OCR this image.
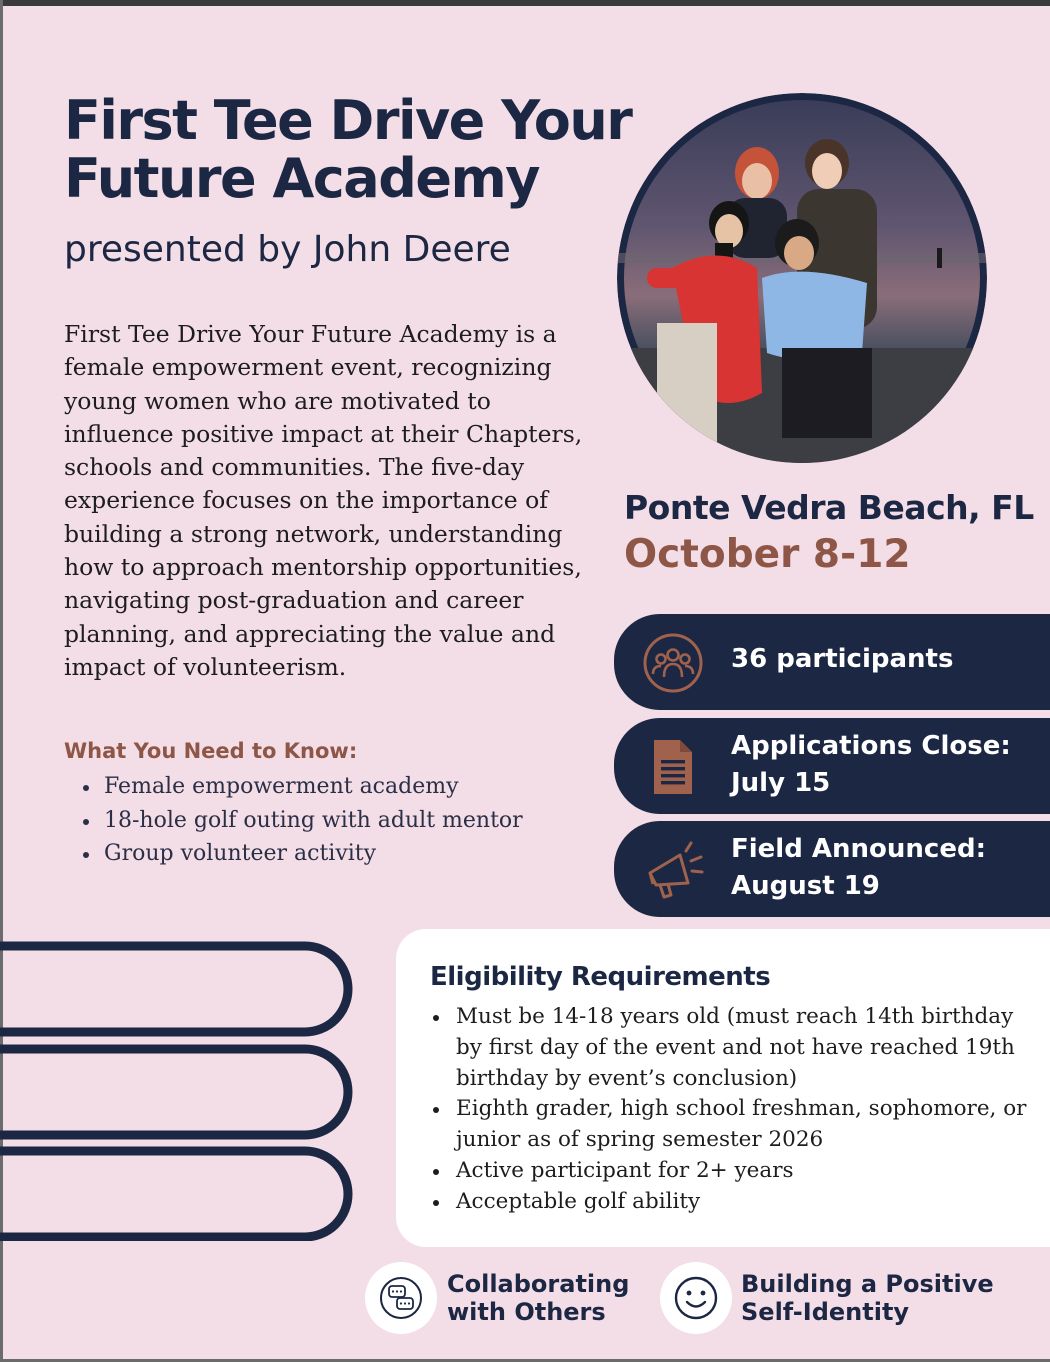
First Tee Drive Your Future Academy
presented by John Deere

First Tee Drive Your Future Academy is a female empowerment event, recognizing young women who are motivated to influence positive impact at their Chapters, schools and communities. The five-day experience focuses on the importance of building a strong network, understanding how to approach mentorship opportunities, navigating post-graduation and career planning, and appreciating the value and impact of volunteerism.

What You Need to Know:
Female empowerment academy
18-hole golf outing with adult mentor
Group volunteer activity
Ponte Vedra Beach, FL
October 8-12
36 participants
Applications Close:
July 15
Field Announced:
August 19
Eligibility Requirements
Must be 14-18 years old (must reach 14th birthday by first day of the event and not have reached 19th birthday by event’s conclusion)
Eighth grader, high school freshman, sophomore, or junior as of spring semester 2026
Active participant for 2+ years
Acceptable golf ability
Collaborating
with Others
Building a Positive
Self-Identity
